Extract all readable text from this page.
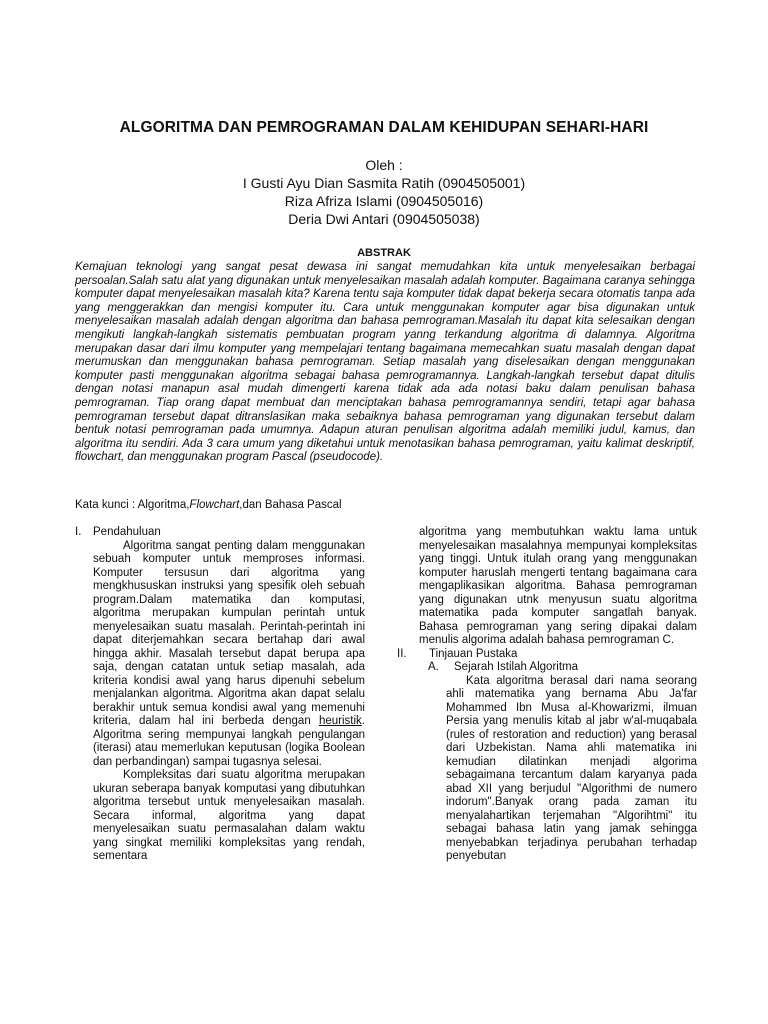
ALGORITMA DAN PEMROGRAMAN DALAM KEHIDUPAN SEHARI-HARI
Oleh :
I Gusti Ayu Dian Sasmita Ratih (0904505001)
Riza Afriza Islami (0904505016)
Deria Dwi Antari (0904505038)
ABSTRAK

Kemajuan teknologi yang sangat pesat dewasa ini sangat memudahkan kita untuk menyelesaikan berbagai persoalan.Salah satu alat yang digunakan untuk menyelesaikan masalah adalah komputer. Bagaimana caranya sehingga komputer dapat menyelesaikan masalah kita? Karena tentu saja komputer tidak dapat bekerja secara otomatis tanpa ada yang menggerakkan dan mengisi komputer itu. Cara untuk menggunakan komputer agar bisa digunakan untuk menyelesaikan masalah adalah dengan algoritma dan bahasa pemrograman.Masalah itu dapat kita selesaikan dengan mengikuti langkah-langkah sistematis pembuatan program yanng terkandung algoritma di dalamnya. Algoritma merupakan dasar dari ilmu komputer yang mempelajari tentang bagaimana memecahkan suatu masalah dengan dapat merumuskan dan menggunakan bahasa pemrograman. Setiap masalah yang diselesaikan dengan menggunakan komputer pasti menggunakan algoritma sebagai bahasa pemrogramannya. Langkah-langkah tersebut dapat ditulis dengan notasi manapun asal mudah dimengerti karena tidak ada ada notasi baku dalam penulisan bahasa pemrograman. Tiap orang dapat membuat dan menciptakan bahasa pemrogramannya sendiri, tetapi agar bahasa pemrograman tersebut dapat ditranslasikan maka sebaiknya bahasa pemrograman yang digunakan tersebut dalam bentuk notasi pemrograman pada umumnya. Adapun aturan penulisan algoritma adalah memiliki judul, kamus, dan algoritma itu sendiri. Ada 3 cara umum yang diketahui untuk menotasikan bahasa pemrograman, yaitu kalimat deskriptif, flowchart, dan menggunakan program Pascal (pseudocode).

Kata kunci : Algoritma,Flowchart,dan Bahasa Pascal
I.	Pendahuluan

Algoritma sangat penting dalam menggunakan sebuah komputer untuk memproses informasi. Komputer tersusun dari algoritma yang mengkhususkan instruksi yang spesifik oleh sebuah program.Dalam matematika dan komputasi, algoritma merupakan kumpulan perintah untuk menyelesaikan suatu masalah. Perintah-perintah ini dapat diterjemahkan secara bertahap dari awal hingga akhir. Masalah tersebut dapat berupa apa saja, dengan catatan untuk setiap masalah, ada kriteria kondisi awal yang harus dipenuhi sebelum menjalankan algoritma. Algoritma akan dapat selalu berakhir untuk semua kondisi awal yang memenuhi kriteria, dalam hal ini berbeda dengan heuristik. Algoritma sering mempunyai langkah pengulangan (iterasi) atau memerlukan keputusan (logika Boolean dan perbandingan) sampai tugasnya selesai.

Kompleksitas dari suatu algoritma merupakan ukuran seberapa banyak komputasi yang dibutuhkan algoritma tersebut untuk menyelesaikan masalah. Secara informal, algoritma yang dapat menyelesaikan suatu permasalahan dalam waktu yang singkat memiliki kompleksitas yang rendah, sementara

algoritma yang membutuhkan waktu lama untuk menyelesaikan masalahnya mempunyai kompleksitas yang tinggi. Untuk itulah orang yang menggunakan komputer haruslah mengerti tentang bagaimana cara mengaplikasikan algoritma. Bahasa pemrograman yang digunakan utnk menyusun suatu algoritma matematika pada komputer sangatlah banyak. Bahasa pemrograman yang sering dipakai dalam menulis algorima adalah bahasa pemrograman C.

II.	Tinjauan Pustaka
A.	Sejarah Istilah Algoritma

Kata algoritma berasal dari nama seorang ahli matematika yang bernama Abu Ja'far Mohammed Ibn Musa al-Khowarizmi, ilmuan Persia yang menulis kitab al jabr w'al-muqabala (rules of restoration and reduction) yang berasal dari Uzbekistan. Nama ahli matematika ini kemudian dilatinkan menjadi algorima sebagaimana tercantum dalam karyanya pada abad XII yang berjudul "Algorithmi de numero indorum".Banyak orang pada zaman itu menyalahartikan terjemahan "Algorihtmi" itu sebagai bahasa latin yang jamak sehingga menyebabkan terjadinya perubahan terhadap penyebutan
